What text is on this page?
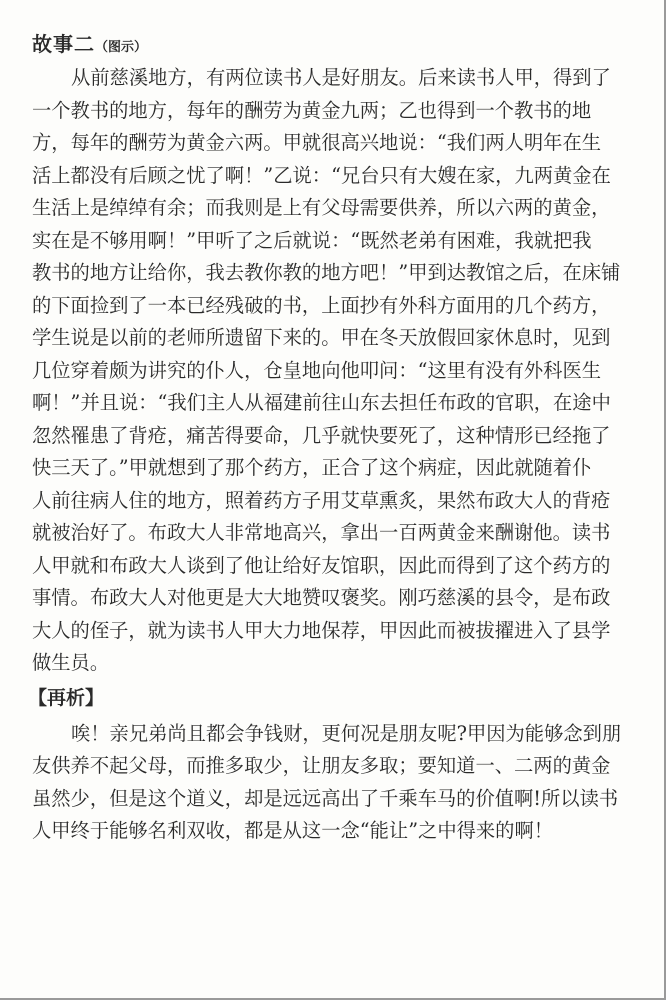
故事二（图示）
从前慈溪地方，有两位读书人是好朋友。后来读书人甲，得到了
一个教书的地方，每年的酬劳为黄金九两；乙也得到一个教书的地
方，每年的酬劳为黄金六两。甲就很高兴地说：“我们两人明年在生
活上都没有后顾之忧了啊！”乙说：“兄台只有大嫂在家，九两黄金在
生活上是绰绰有余；而我则是上有父母需要供养，所以六两的黄金，
实在是不够用啊！”甲听了之后就说：“既然老弟有困难，我就把我
教书的地方让给你，我去教你教的地方吧！”甲到达教馆之后，在床铺
的下面捡到了一本已经残破的书，上面抄有外科方面用的几个药方，
学生说是以前的老师所遗留下来的。甲在冬天放假回家休息时，见到
几位穿着颇为讲究的仆人，仓皇地向他叩问：“这里有没有外科医生
啊！”并且说：“我们主人从福建前往山东去担任布政的官职，在途中
忽然罹患了背疮，痛苦得要命，几乎就快要死了，这种情形已经拖了
快三天了。”甲就想到了那个药方，正合了这个病症，因此就随着仆
人前往病人住的地方，照着药方子用艾草熏炙，果然布政大人的背疮
就被治好了。布政大人非常地高兴，拿出一百两黄金来酬谢他。读书
人甲就和布政大人谈到了他让给好友馆职，因此而得到了这个药方的
事情。布政大人对他更是大大地赞叹褒奖。刚巧慈溪的县令，是布政
大人的侄子，就为读书人甲大力地保荐，甲因此而被拔擢进入了县学
做生员。
【再析】
唉！亲兄弟尚且都会争钱财，更何况是朋友呢?甲因为能够念到朋
友供养不起父母，而推多取少，让朋友多取；要知道一、二两的黄金
虽然少，但是这个道义，却是远远高出了千乘车马的价值啊!所以读书
人甲终于能够名利双收，都是从这一念“能让”之中得来的啊！
